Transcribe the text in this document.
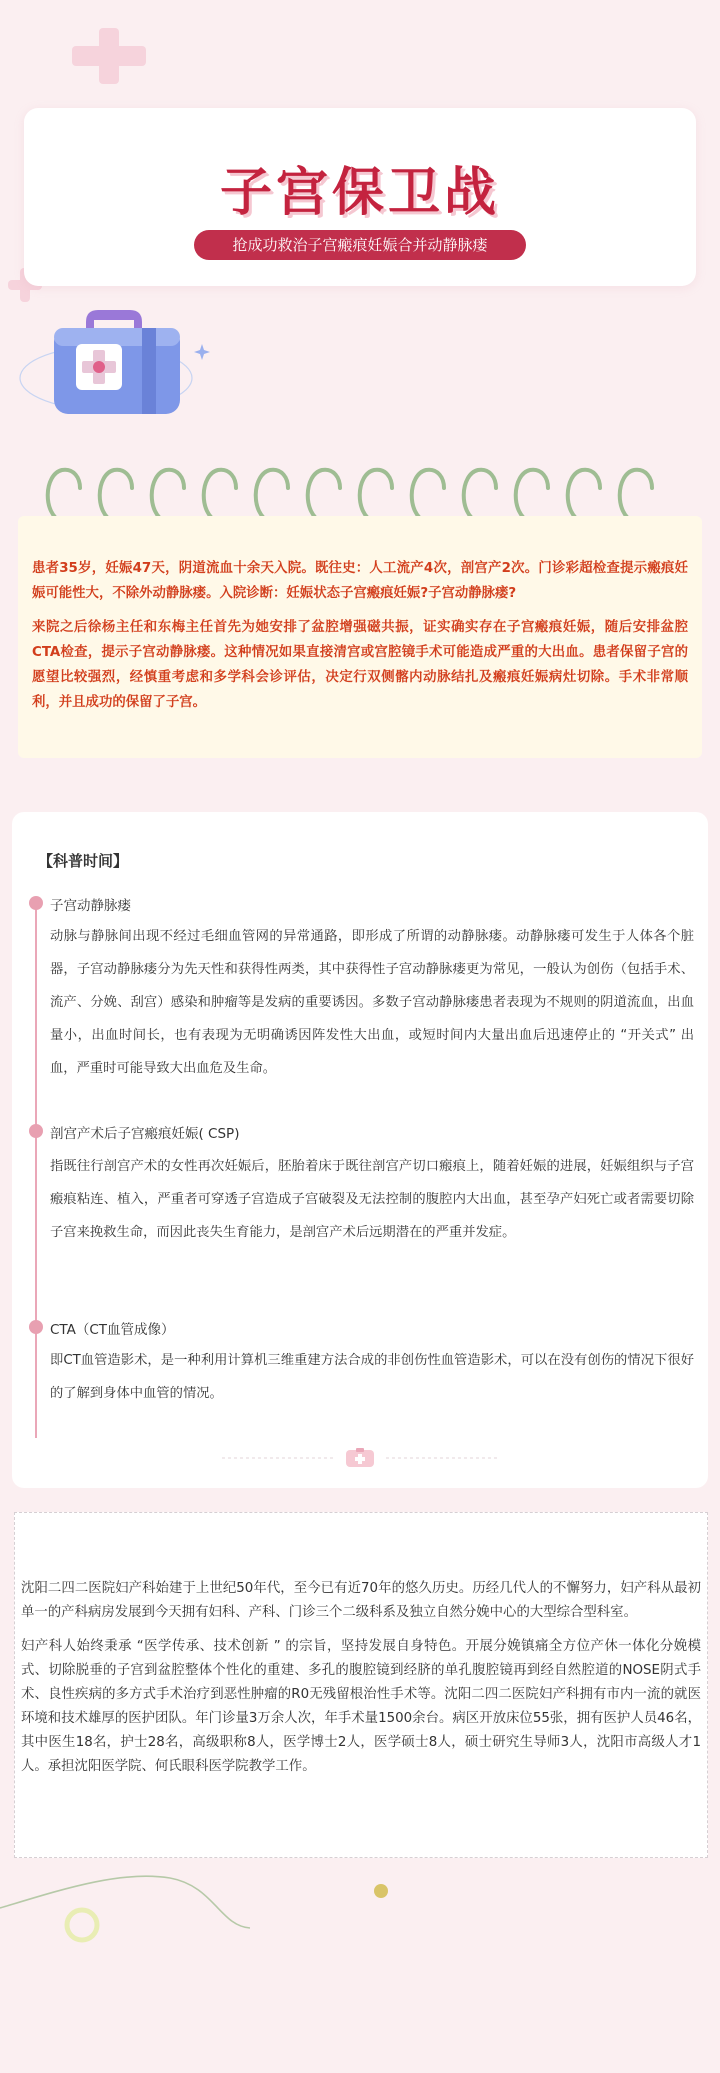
子宫保卫战
抢成功救治子宫瘢痕妊娠合并动静脉瘘

患者35岁，妊娠47天，阴道流血十余天入院。既往史：人工流产4次，剖宫产2次。门诊彩超检查提示瘢痕妊娠可能性大，不除外动静脉瘘。入院诊断：妊娠状态子宫瘢痕妊娠?子宫动静脉瘘?

来院之后徐杨主任和东梅主任首先为她安排了盆腔增强磁共振，证实确实存在子宫瘢痕妊娠，随后安排盆腔CTA检查，提示子宫动静脉瘘。这种情况如果直接清宫或宫腔镜手术可能造成严重的大出血。患者保留子宫的愿望比较强烈，经慎重考虑和多学科会诊评估，决定行双侧髂内动脉结扎及瘢痕妊娠病灶切除。手术非常顺利，并且成功的保留了子宫。

【科普时间】
子宫动静脉瘘
动脉与静脉间出现不经过毛细血管网的异常通路，即形成了所谓的动静脉瘘。动静脉瘘可发生于人体各个脏器，子宫动静脉瘘分为先天性和获得性两类，其中获得性子宫动静脉瘘更为常见，一般认为创伤（包括手术、流产、分娩、刮宫）感染和肿瘤等是发病的重要诱因。多数子宫动静脉瘘患者表现为不规则的阴道流血，出血量小，出血时间长，也有表现为无明确诱因阵发性大出血，或短时间内大量出血后迅速停止的 “开关式” 出血，严重时可能导致大出血危及生命。
剖宫产术后子宫瘢痕妊娠( CSP)
指既往行剖宫产术的女性再次妊娠后，胚胎着床于既往剖宫产切口瘢痕上，随着妊娠的进展，妊娠组织与子宫瘢痕粘连、植入，严重者可穿透子宫造成子宫破裂及无法控制的腹腔内大出血，甚至孕产妇死亡或者需要切除子宫来挽救生命，而因此丧失生育能力，是剖宫产术后远期潜在的严重并发症。
CTA（CT血管成像）
即CT血管造影术，是一种利用计算机三维重建方法合成的非创伤性血管造影术，可以在没有创伤的情况下很好的了解到身体中血管的情况。

沈阳二四二医院妇产科始建于上世纪50年代，至今已有近70年的悠久历史。历经几代人的不懈努力，妇产科从最初单一的产科病房发展到今天拥有妇科、产科、门诊三个二级科系及独立自然分娩中心的大型综合型科室。

妇产科人始终秉承 “医学传承、技术创新 ” 的宗旨，坚持发展自身特色。开展分娩镇痛全方位产休一体化分娩模式、切除脱垂的子宫到盆腔整体个性化的重建、多孔的腹腔镜到经脐的单孔腹腔镜再到经自然腔道的NOSE阴式手术、良性疾病的多方式手术治疗到恶性肿瘤的R0无残留根治性手术等。沈阳二四二医院妇产科拥有市内一流的就医环境和技术雄厚的医护团队。年门诊量3万余人次，年手术量1500余台。病区开放床位55张，拥有医护人员46名，其中医生18名，护士28名，高级职称8人，医学博士2人，医学硕士8人，硕士研究生导师3人，沈阳市高级人才1人。承担沈阳医学院、何氏眼科医学院教学工作。
